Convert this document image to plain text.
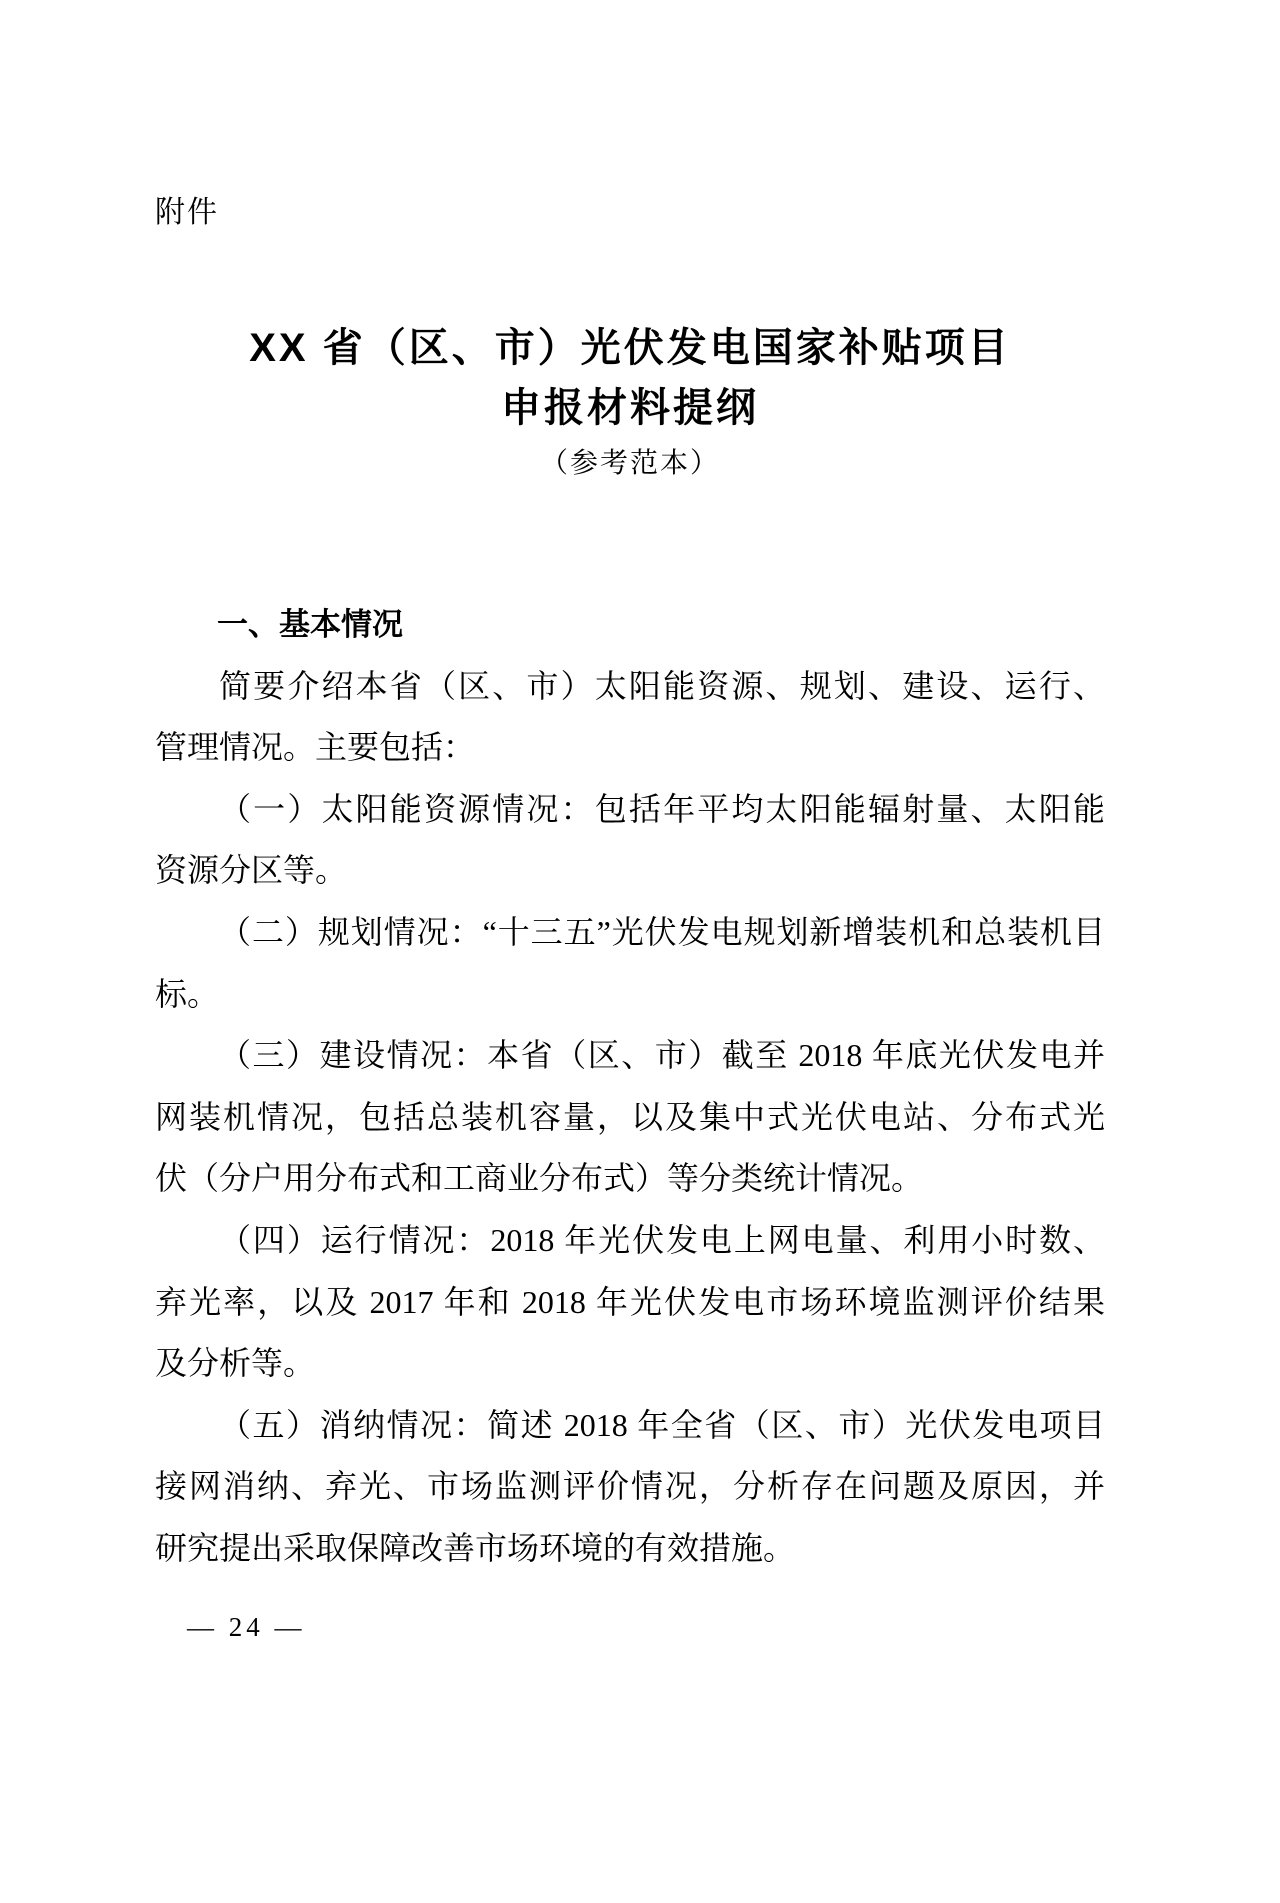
附件
XX 省（区、市）光伏发电国家补贴项目
申报材料提纲
（参考范本）
一、基本情况
简要介绍本省（区、市）太阳能资源、规划、建设、运行、
管理情况。主要包括：
（一）太阳能资源情况：包括年平均太阳能辐射量、太阳能
资源分区等。
（二）规划情况：“十三五”光伏发电规划新增装机和总装机目
标。
（三）建设情况：本省（区、市）截至 2018 年底光伏发电并
网装机情况，包括总装机容量，以及集中式光伏电站、分布式光
伏（分户用分布式和工商业分布式）等分类统计情况。
（四）运行情况：2018 年光伏发电上网电量、利用小时数、
弃光率，以及 2017 年和 2018 年光伏发电市场环境监测评价结果
及分析等。
（五）消纳情况：简述 2018 年全省（区、市）光伏发电项目
接网消纳、弃光、市场监测评价情况，分析存在问题及原因，并
研究提出采取保障改善市场环境的有效措施。
— 24 —
